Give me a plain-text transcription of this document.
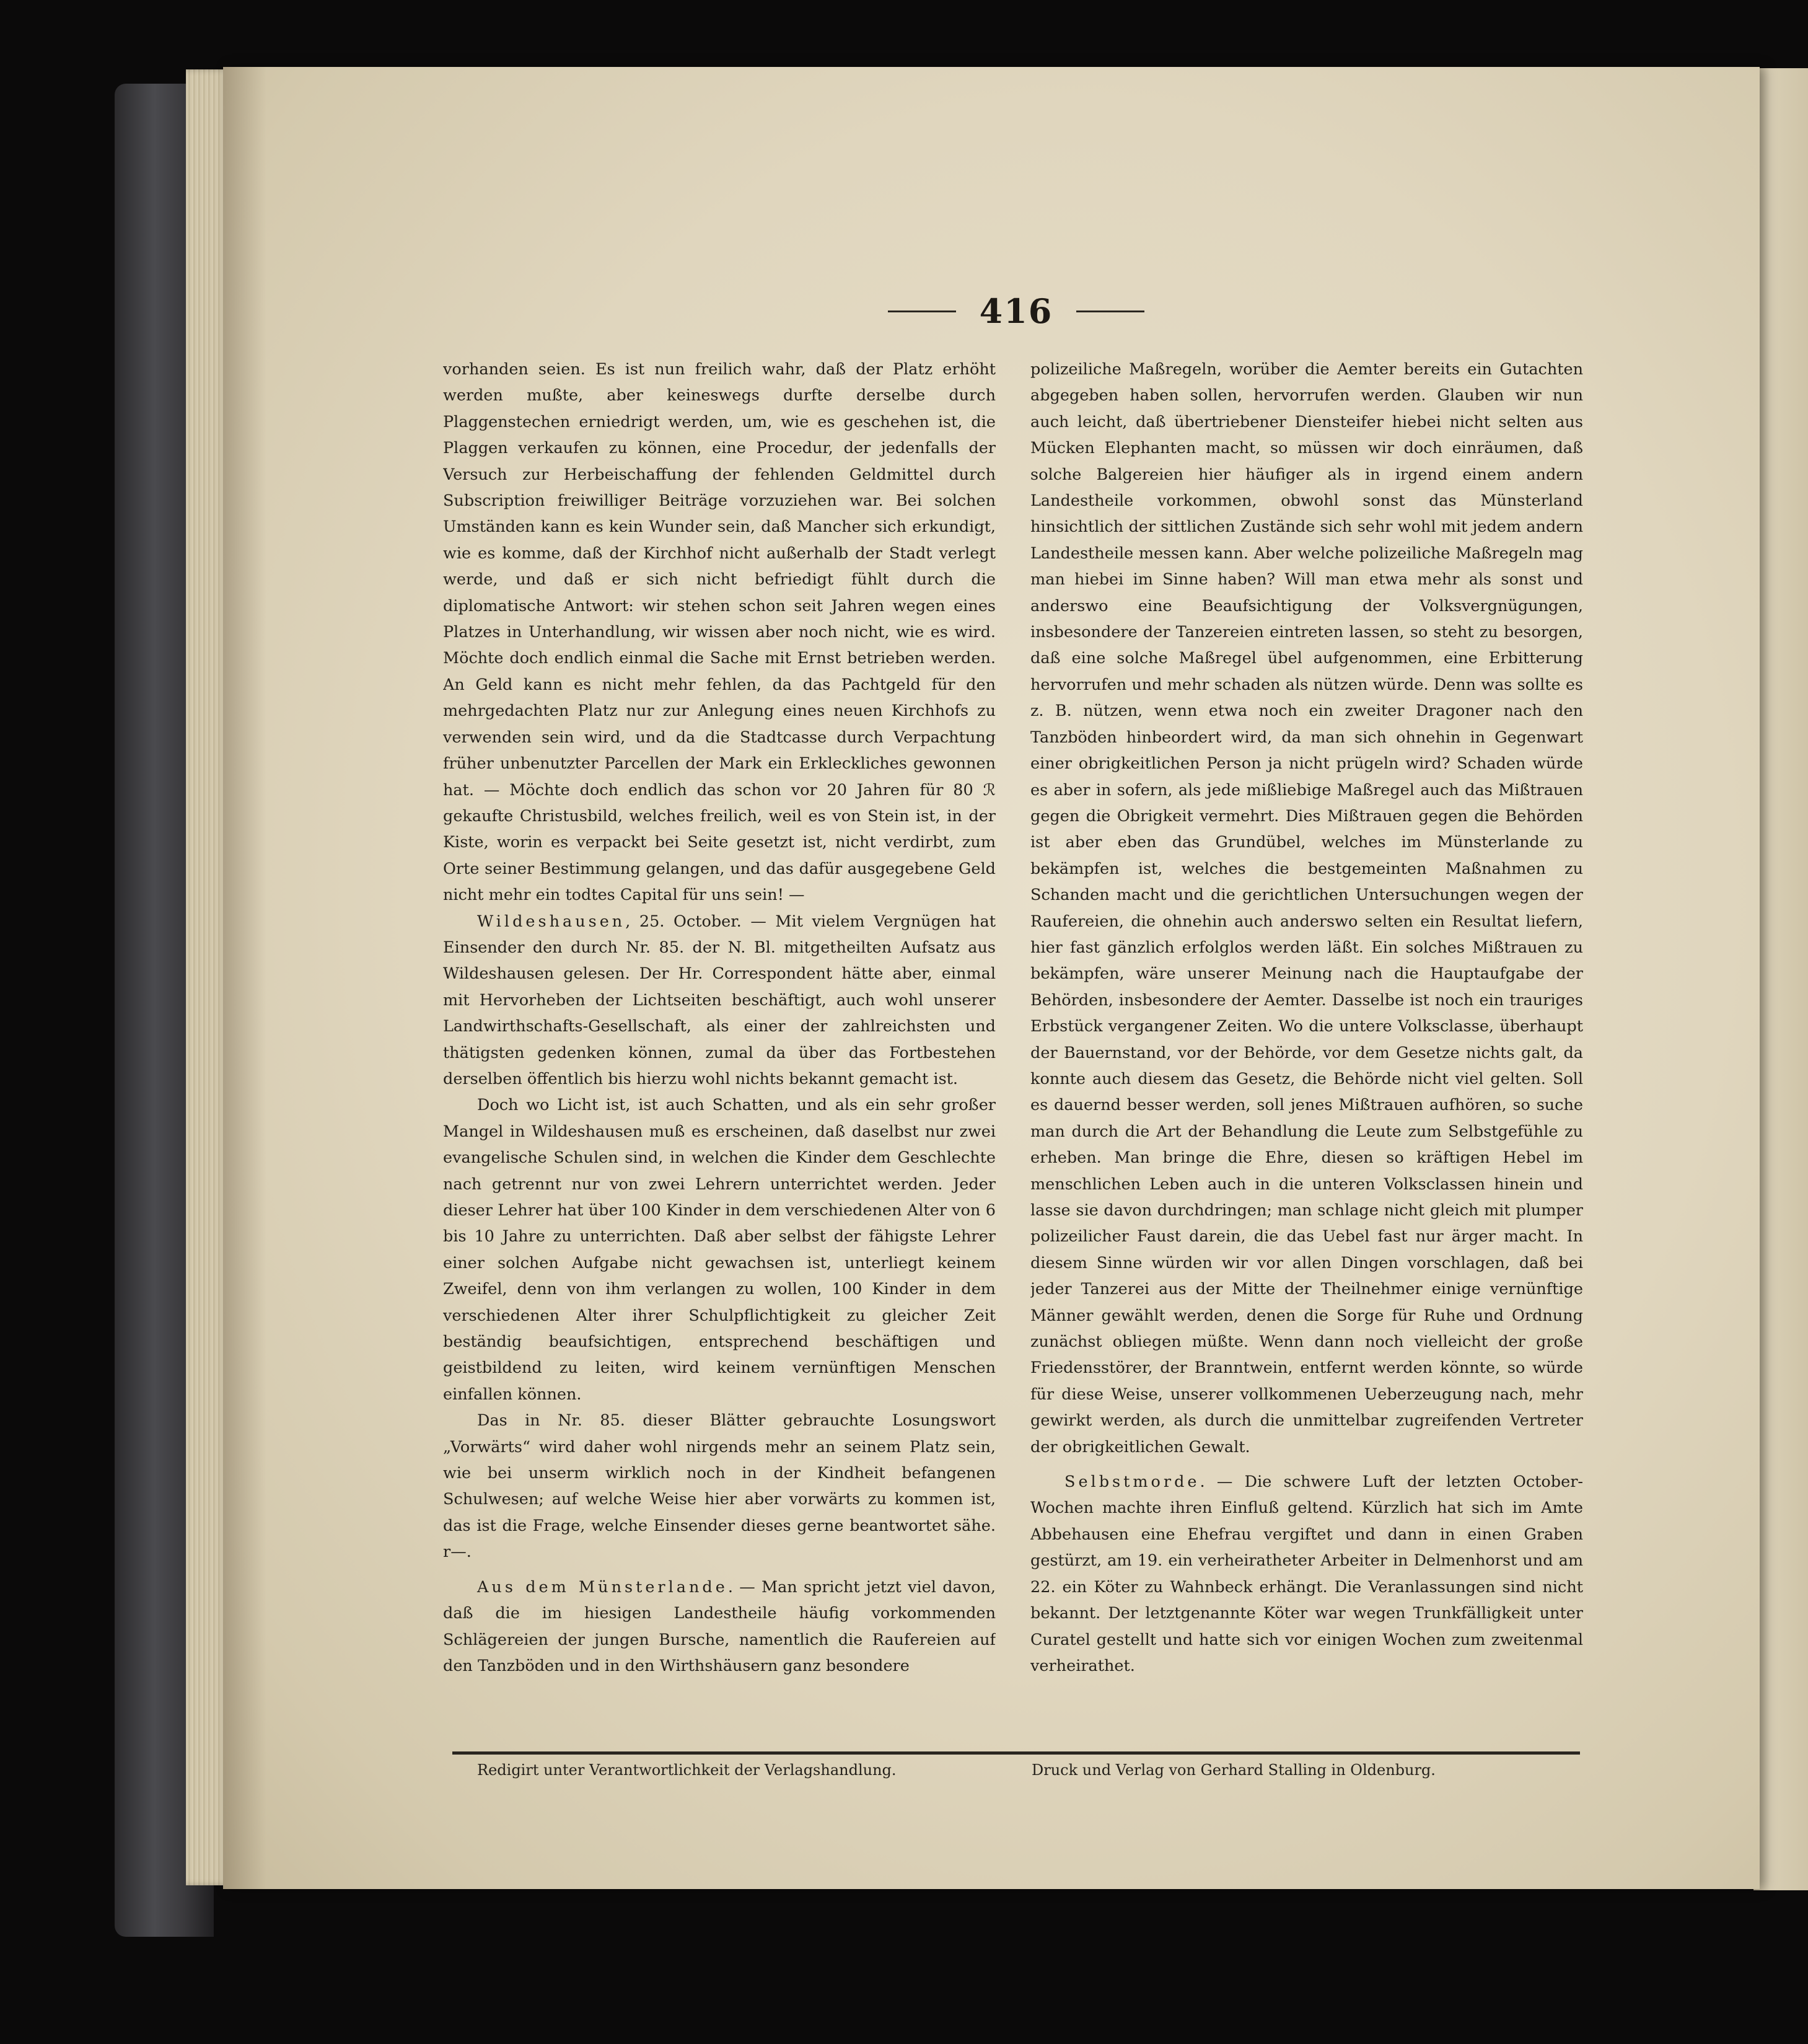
416

vorhanden seien. Es ist nun freilich wahr, daß der Platz erhöht werden mußte, aber keineswegs durfte derselbe durch Plaggenstechen erniedrigt werden, um, wie es geschehen ist, die Plaggen verkaufen zu können, eine Procedur, der jedenfalls der Versuch zur Herbeischaffung der fehlenden Geldmittel durch Subscription freiwilliger Beiträge vorzuziehen war. Bei solchen Umständen kann es kein Wunder sein, daß Mancher sich erkundigt, wie es komme, daß der Kirchhof nicht außerhalb der Stadt verlegt werde, und daß er sich nicht befriedigt fühlt durch die diplomatische Antwort: wir stehen schon seit Jahren wegen eines Platzes in Unterhandlung, wir wissen aber noch nicht, wie es wird. Möchte doch endlich einmal die Sache mit Ernst betrieben werden. An Geld kann es nicht mehr fehlen, da das Pachtgeld für den mehrgedachten Platz nur zur Anlegung eines neuen Kirchhofs zu verwenden sein wird, und da die Stadtcasse durch Verpachtung früher unbenutzter Parcellen der Mark ein Erkleckliches gewonnen hat. — Möchte doch endlich das schon vor 20 Jahren für 80 ℛ gekaufte Christusbild, welches freilich, weil es von Stein ist, in der Kiste, worin es verpackt bei Seite gesetzt ist, nicht verdirbt, zum Orte seiner Bestimmung gelangen, und das dafür ausgegebene Geld nicht mehr ein todtes Capital für uns sein! —

Wildeshausen, 25. October. — Mit vielem Vergnügen hat Einsender den durch Nr. 85. der N. Bl. mitgetheilten Aufsatz aus Wildeshausen gelesen. Der Hr. Correspondent hätte aber, einmal mit Hervorheben der Lichtseiten beschäftigt, auch wohl unserer Landwirthschafts-Gesellschaft, als einer der zahlreichsten und thätigsten gedenken können, zumal da über das Fortbestehen derselben öffentlich bis hierzu wohl nichts bekannt gemacht ist.

Doch wo Licht ist, ist auch Schatten, und als ein sehr großer Mangel in Wildeshausen muß es erscheinen, daß daselbst nur zwei evangelische Schulen sind, in welchen die Kinder dem Geschlechte nach getrennt nur von zwei Lehrern unterrichtet werden. Jeder dieser Lehrer hat über 100 Kinder in dem verschiedenen Alter von 6 bis 10 Jahre zu unterrichten. Daß aber selbst der fähigste Lehrer einer solchen Aufgabe nicht gewachsen ist, unterliegt keinem Zweifel, denn von ihm verlangen zu wollen, 100 Kinder in dem verschiedenen Alter ihrer Schulpflichtigkeit zu gleicher Zeit beständig beaufsichtigen, entsprechend beschäftigen und geistbildend zu leiten, wird keinem vernünftigen Menschen einfallen können.

Das in Nr. 85. dieser Blätter gebrauchte Losungswort „Vorwärts“ wird daher wohl nirgends mehr an seinem Platz sein, wie bei unserm wirklich noch in der Kindheit befangenen Schulwesen; auf welche Weise hier aber vorwärts zu kommen ist, das ist die Frage, welche Einsender dieses gerne beantwortet sähe. r—.

Aus dem Münsterlande. — Man spricht jetzt viel davon, daß die im hiesigen Landestheile häufig vorkommenden Schlägereien der jungen Bursche, namentlich die Raufereien auf den Tanzböden und in den Wirthshäusern ganz besondere

polizeiliche Maßregeln, worüber die Aemter bereits ein Gutachten abgegeben haben sollen, hervorrufen werden. Glauben wir nun auch leicht, daß übertriebener Diensteifer hiebei nicht selten aus Mücken Elephanten macht, so müssen wir doch einräumen, daß solche Balgereien hier häufiger als in irgend einem andern Landestheile vorkommen, obwohl sonst das Münsterland hinsichtlich der sittlichen Zustände sich sehr wohl mit jedem andern Landestheile messen kann. Aber welche polizeiliche Maßregeln mag man hiebei im Sinne haben? Will man etwa mehr als sonst und anderswo eine Beaufsichtigung der Volksvergnügungen, insbesondere der Tanzereien eintreten lassen, so steht zu besorgen, daß eine solche Maßregel übel aufgenommen, eine Erbitterung hervorrufen und mehr schaden als nützen würde. Denn was sollte es z. B. nützen, wenn etwa noch ein zweiter Dragoner nach den Tanzböden hinbeordert wird, da man sich ohnehin in Gegenwart einer obrigkeitlichen Person ja nicht prügeln wird? Schaden würde es aber in sofern, als jede mißliebige Maßregel auch das Mißtrauen gegen die Obrigkeit vermehrt. Dies Mißtrauen gegen die Behörden ist aber eben das Grundübel, welches im Münsterlande zu bekämpfen ist, welches die bestgemeinten Maßnahmen zu Schanden macht und die gerichtlichen Untersuchungen wegen der Raufereien, die ohnehin auch anderswo selten ein Resultat liefern, hier fast gänzlich erfolglos werden läßt. Ein solches Mißtrauen zu bekämpfen, wäre unserer Meinung nach die Hauptaufgabe der Behörden, insbesondere der Aemter. Dasselbe ist noch ein trauriges Erbstück vergangener Zeiten. Wo die untere Volksclasse, überhaupt der Bauernstand, vor der Behörde, vor dem Gesetze nichts galt, da konnte auch diesem das Gesetz, die Behörde nicht viel gelten. Soll es dauernd besser werden, soll jenes Mißtrauen aufhören, so suche man durch die Art der Behandlung die Leute zum Selbstgefühle zu erheben. Man bringe die Ehre, diesen so kräftigen Hebel im menschlichen Leben auch in die unteren Volksclassen hinein und lasse sie davon durchdringen; man schlage nicht gleich mit plumper polizeilicher Faust darein, die das Uebel fast nur ärger macht. In diesem Sinne würden wir vor allen Dingen vorschlagen, daß bei jeder Tanzerei aus der Mitte der Theilnehmer einige vernünftige Männer gewählt werden, denen die Sorge für Ruhe und Ordnung zunächst obliegen müßte. Wenn dann noch vielleicht der große Friedensstörer, der Branntwein, entfernt werden könnte, so würde für diese Weise, unserer vollkommenen Ueberzeugung nach, mehr gewirkt werden, als durch die unmittelbar zugreifenden Vertreter der obrigkeitlichen Gewalt.

Selbstmorde. — Die schwere Luft der letzten October-Wochen machte ihren Einfluß geltend. Kürzlich hat sich im Amte Abbehausen eine Ehefrau vergiftet und dann in einen Graben gestürzt, am 19. ein verheiratheter Arbeiter in Delmenhorst und am 22. ein Köter zu Wahnbeck erhängt. Die Veranlassungen sind nicht bekannt. Der letztgenannte Köter war wegen Trunkfälligkeit unter Curatel gestellt und hatte sich vor einigen Wochen zum zweitenmal verheirathet.

Redigirt unter Verantwortlichkeit der Verlagshandlung.	Druck und Verlag von Gerhard Stalling in Oldenburg.
